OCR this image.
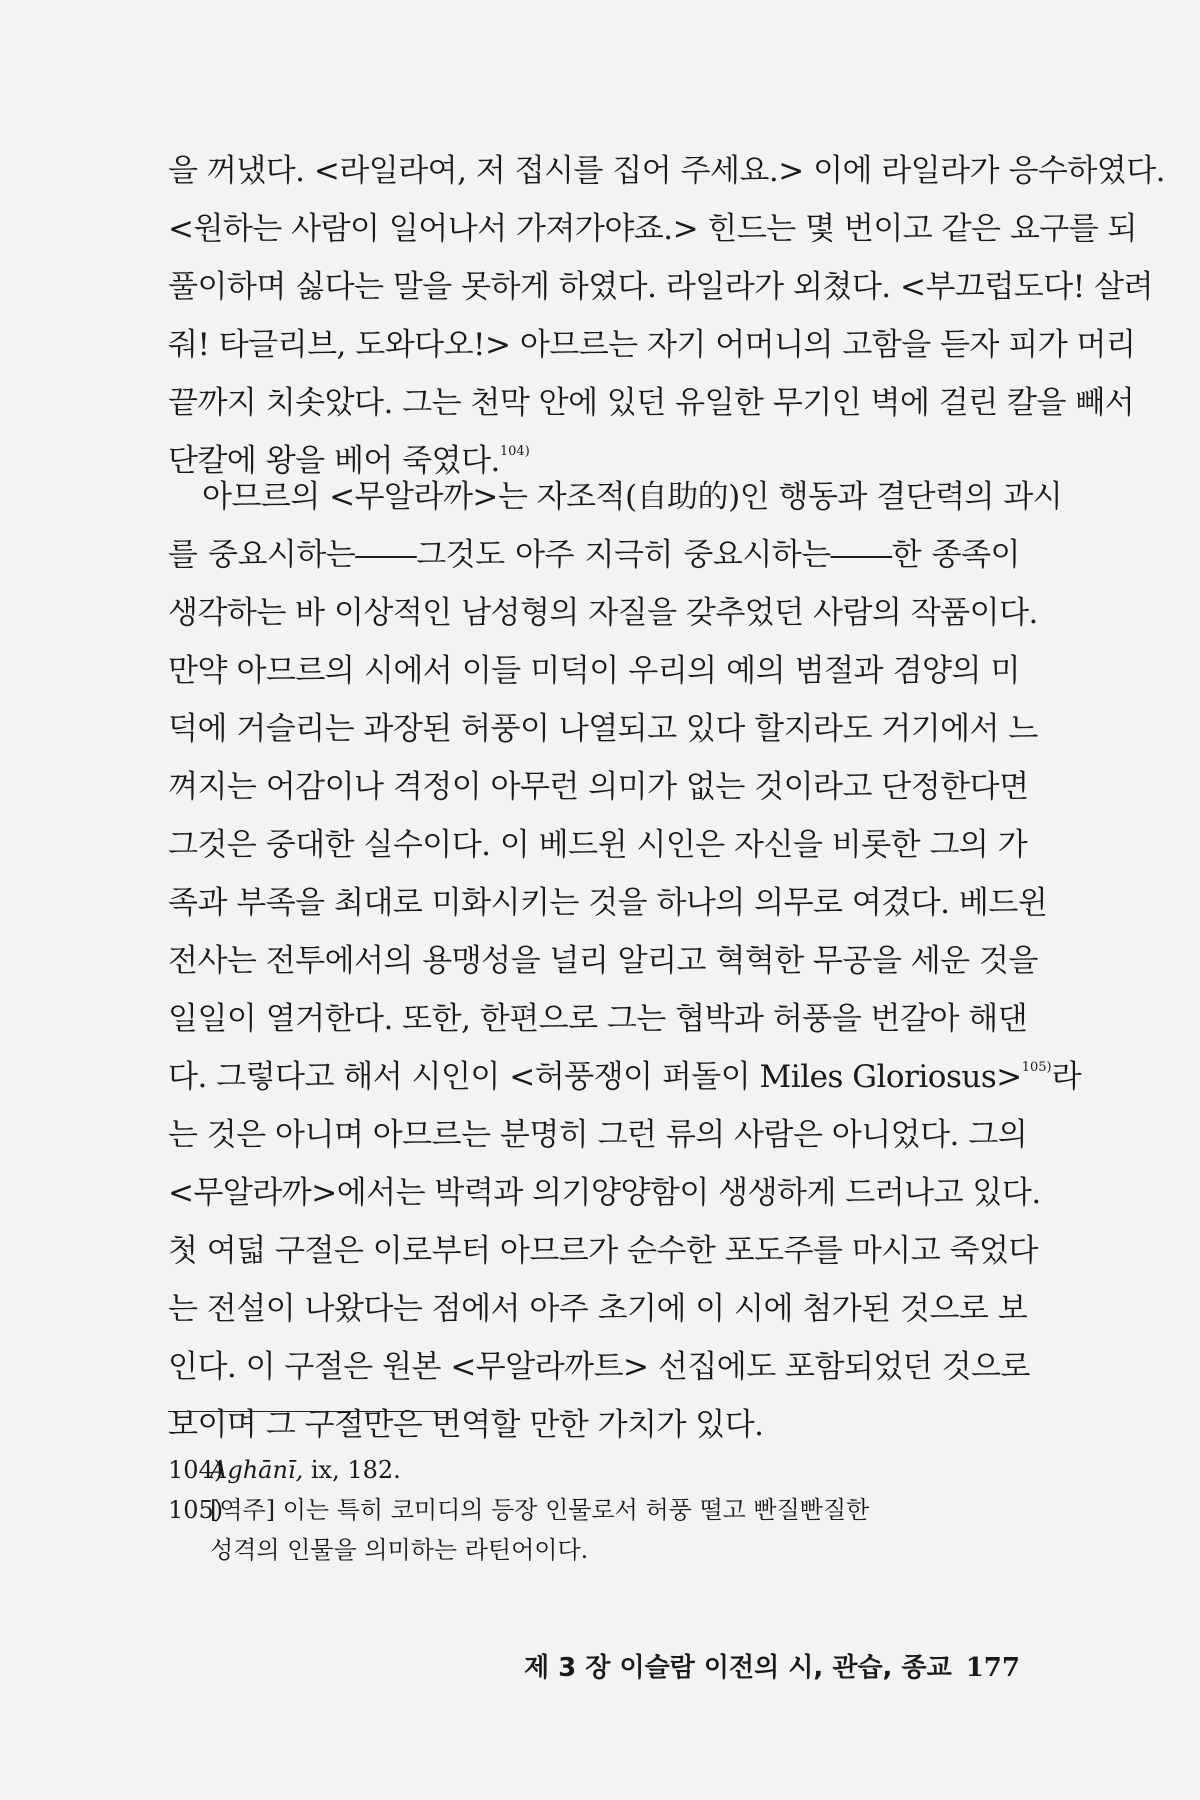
을 꺼냈다. <라일라여, 저 접시를 집어 주세요.> 이에 라일라가 응수하였다.
<원하는 사람이 일어나서 가져가야죠.> 힌드는 몇 번이고 같은 요구를 되
풀이하며 싫다는 말을 못하게 하였다. 라일라가 외쳤다. <부끄럽도다! 살려
줘! 타글리브, 도와다오!> 아므르는 자기 어머니의 고함을 듣자 피가 머리
끝까지 치솟았다. 그는 천막 안에 있던 유일한 무기인 벽에 걸린 칼을 빼서
단칼에 왕을 베어 죽였다.$^{104)}$
아므르의 <무알라까>는 자조적(自助的)인 행동과 결단력의 과시
를 중요시하는――그것도 아주 지극히 중요시하는――한 종족이
생각하는 바 이상적인 남성형의 자질을 갖추었던 사람의 작품이다.
만약 아므르의 시에서 이들 미덕이 우리의 예의 범절과 겸양의 미
덕에 거슬리는 과장된 허풍이 나열되고 있다 할지라도 거기에서 느
껴지는 어감이나 격정이 아무런 의미가 없는 것이라고 단정한다면
그것은 중대한 실수이다. 이 베드윈 시인은 자신을 비롯한 그의 가
족과 부족을 최대로 미화시키는 것을 하나의 의무로 여겼다. 베드윈
전사는 전투에서의 용맹성을 널리 알리고 혁혁한 무공을 세운 것을
일일이 열거한다. 또한, 한편으로 그는 협박과 허풍을 번갈아 해댄
다. 그렇다고 해서 시인이 <허풍쟁이 퍼돌이 Miles Gloriosus>$^{105)}$라
는 것은 아니며 아므르는 분명히 그런 류의 사람은 아니었다. 그의
<무알라까>에서는 박력과 의기양양함이 생생하게 드러나고 있다.
첫 여덟 구절은 이로부터 아므르가 순수한 포도주를 마시고 죽었다
는 전설이 나왔다는 점에서 아주 초기에 이 시에 첨가된 것으로 보
인다. 이 구절은 원본 <무알라까트> 선집에도 포함되었던 것으로
보이며 그 구절만은 번역할 만한 가치가 있다.
104)Aghānī, ix, 182.
105)[역주] 이는 특히 코미디의 등장 인물로서 허풍 떨고 빤질빤질한
성격의 인물을 의미하는 라틴어이다.
제 3 장 이슬람 이전의 시, 관습, 종교 177
